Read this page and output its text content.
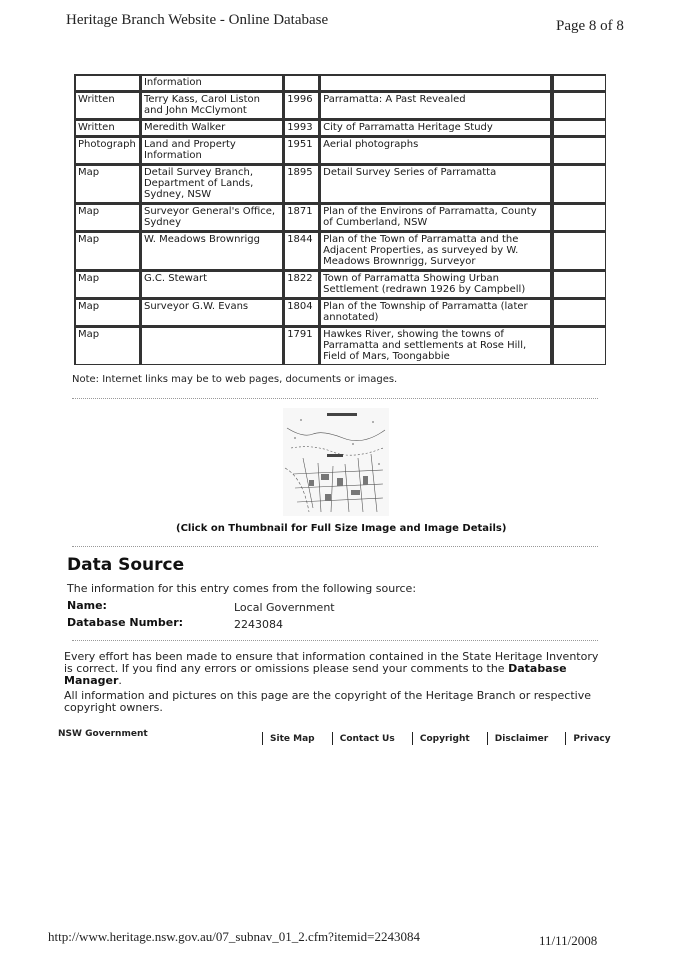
Heritage Branch Website - Online Database	Page 8 of 8
	Information			
Written	Terry Kass, Carol Liston and John McClymont	1996	Parramatta: A Past Revealed	
Written	Meredith Walker	1993	City of Parramatta Heritage Study	
Photograph	Land and Property Information	1951	Aerial photographs	
Map	Detail Survey Branch, Department of Lands, Sydney, NSW	1895	Detail Survey Series of Parramatta	
Map	Surveyor General's Office, Sydney	1871	Plan of the Environs of Parramatta, County of Cumberland, NSW	
Map	W. Meadows Brownrigg	1844	Plan of the Town of Parramatta and the Adjacent Properties, as surveyed by W. Meadows Brownrigg, Surveyor	
Map	G.C. Stewart	1822	Town of Parramatta Showing Urban Settlement (redrawn 1926 by Campbell)	
Map	Surveyor G.W. Evans	1804	Plan of the Township of Parramatta (later annotated)	
Map		1791	Hawkes River, showing the towns of Parramatta and settlements at Rose Hill, Field of Mars, Toongabbie	
Note: Internet links may be to web pages, documents or images.
(Click on Thumbnail for Full Size Image and Image Details)
Data Source
The information for this entry comes from the following source:
Name:	Local Government
Database Number:	2243084
Every effort has been made to ensure that information contained in the State Heritage Inventory is correct. If you find any errors or omissions please send your comments to the Database Manager.
All information and pictures on this page are the copyright of the Heritage Branch or respective copyright owners.
NSW Government	Site Map	Contact Us	Copyright	Disclaimer	Privacy
http://www.heritage.nsw.gov.au/07_subnav_01_2.cfm?itemid=2243084	11/11/2008
